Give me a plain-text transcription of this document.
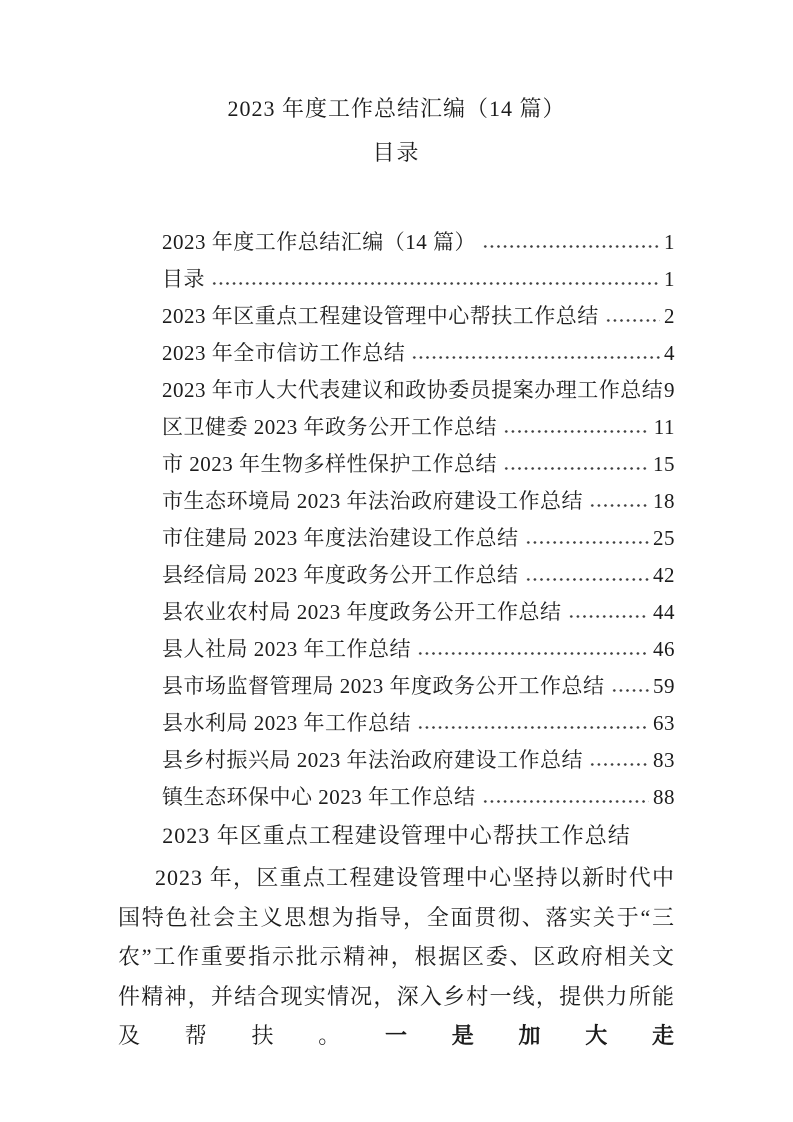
2023 年度工作总结汇编（14 篇）
目录
2023 年度工作总结汇编（14 篇）	1
目录	1
2023 年区重点工程建设管理中心帮扶工作总结	2
2023 年全市信访工作总结	4
2023 年市人大代表建议和政协委员提案办理工作总结 9
区卫健委 2023 年政务公开工作总结	11
市 2023 年生物多样性保护工作总结	15
市生态环境局 2023 年法治政府建设工作总结	18
市住建局 2023 年度法治建设工作总结	25
县经信局 2023 年度政务公开工作总结	42
县农业农村局 2023 年度政务公开工作总结	44
县人社局 2023 年工作总结	46
县市场监督管理局 2023 年度政务公开工作总结 59
县水利局 2023 年工作总结	63
县乡村振兴局 2023 年法治政府建设工作总结	83
镇生态环保中心 2023 年工作总结	88
2023 年区重点工程建设管理中心帮扶工作总结

2023 年，区重点工程建设管理中心坚持以新时代中国特色社会主义思想为指导，全面贯彻、落实关于“三农”工作重要指示批示精神，根据区委、区政府相关文件精神，并结合现实情况，深入乡村一线，提供力所能及帮扶。一是加大走
